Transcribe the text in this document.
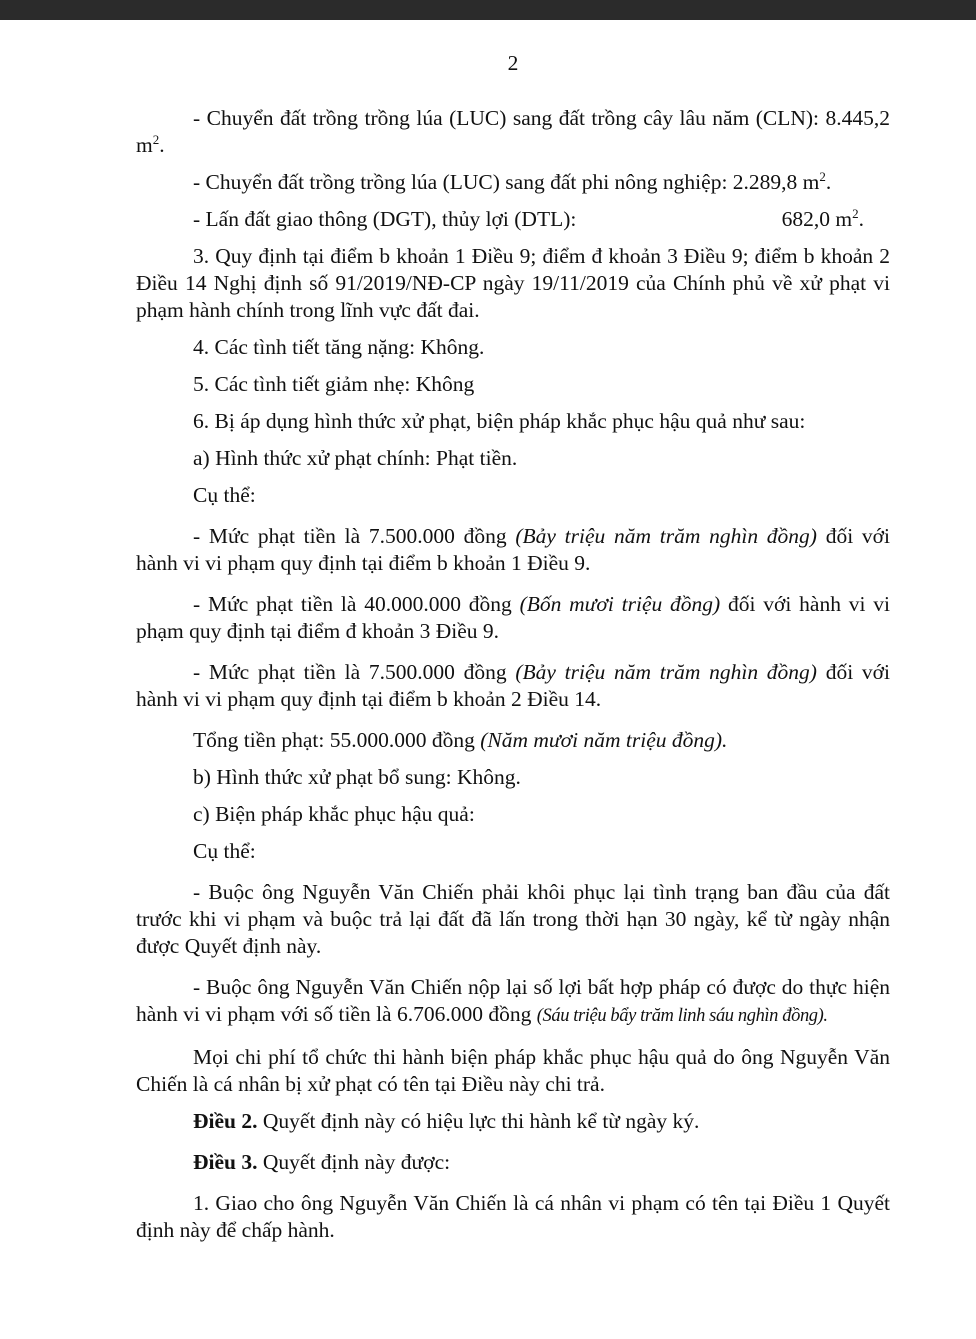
2

- Chuyển đất trồng trồng lúa (LUC) sang đất trồng cây lâu năm (CLN): 8.445,2 $m^2$.

- Chuyển đất trồng trồng lúa (LUC) sang đất phi nông nghiệp: 2.289,8 $m^2$.

- Lấn đất giao thông (DGT), thủy lợi (DTL):	682,0 $m^2$.

3. Quy định tại điểm b khoản 1 Điều 9; điểm đ khoản 3 Điều 9; điểm b khoản 2 Điều 14 Nghị định số 91/2019/NĐ-CP ngày 19/11/2019 của Chính phủ về xử phạt vi phạm hành chính trong lĩnh vực đất đai.

4. Các tình tiết tăng nặng: Không.

5. Các tình tiết giảm nhẹ: Không

6. Bị áp dụng hình thức xử phạt, biện pháp khắc phục hậu quả như sau:

a) Hình thức xử phạt chính: Phạt tiền.

Cụ thể:

- Mức phạt tiền là 7.500.000 đồng (Bảy triệu năm trăm nghìn đồng) đối với hành vi vi phạm quy định tại điểm b khoản 1 Điều 9.

- Mức phạt tiền là 40.000.000 đồng (Bốn mươi triệu đồng) đối với hành vi vi phạm quy định tại điểm đ khoản 3 Điều 9.

- Mức phạt tiền là 7.500.000 đồng (Bảy triệu năm trăm nghìn đồng) đối với hành vi vi phạm quy định tại điểm b khoản 2 Điều 14.

Tổng tiền phạt: 55.000.000 đồng (Năm mươi năm triệu đồng).

b) Hình thức xử phạt bổ sung: Không.

c) Biện pháp khắc phục hậu quả:

Cụ thể:

- Buộc ông Nguyễn Văn Chiến phải khôi phục lại tình trạng ban đầu của đất trước khi vi phạm và buộc trả lại đất đã lấn trong thời hạn 30 ngày, kể từ ngày nhận được Quyết định này.

- Buộc ông Nguyễn Văn Chiến nộp lại số lợi bất hợp pháp có được do thực hiện hành vi vi phạm với số tiền là 6.706.000 đồng (Sáu triệu bẩy trăm linh sáu nghìn đồng).

Mọi chi phí tổ chức thi hành biện pháp khắc phục hậu quả do ông Nguyễn Văn Chiến là cá nhân bị xử phạt có tên tại Điều này chi trả.

Điều 2. Quyết định này có hiệu lực thi hành kể từ ngày ký.

Điều 3. Quyết định này được:

1. Giao cho ông Nguyễn Văn Chiến là cá nhân vi phạm có tên tại Điều 1 Quyết định này để chấp hành.
